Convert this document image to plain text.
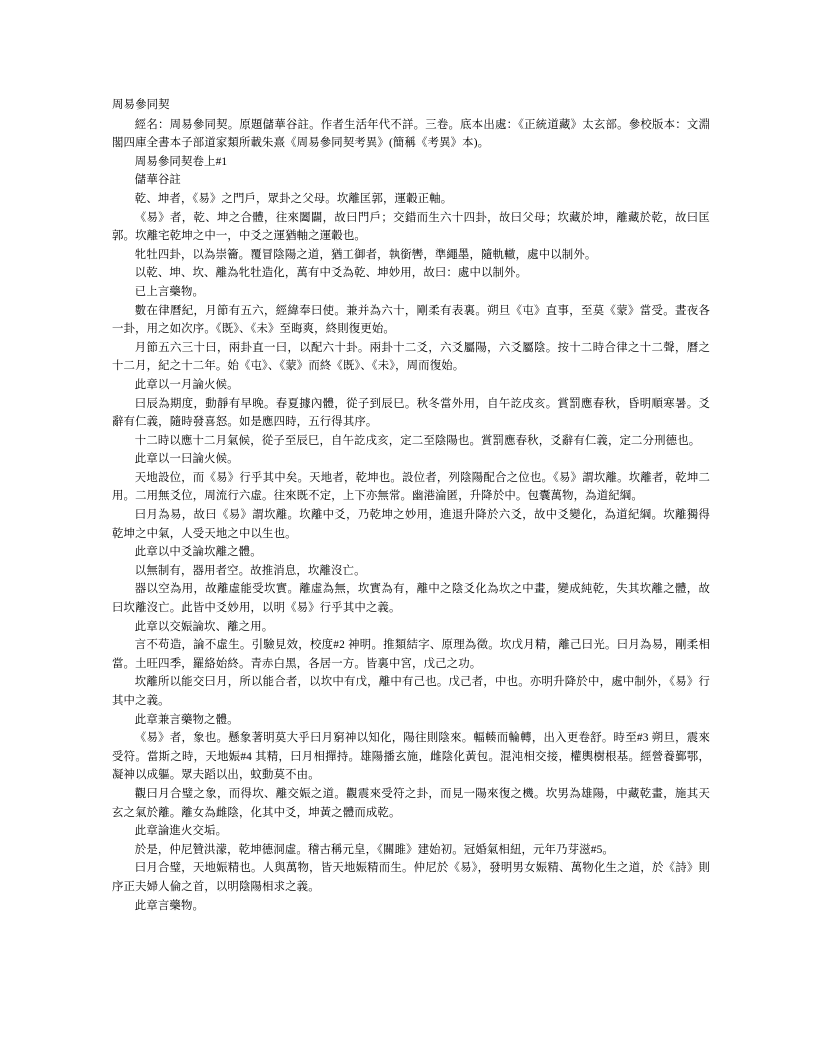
周易參同契

經名：周易參同契。原題儲華谷註。作者生活年代不詳。三卷。底本出處：《正統道藏》太玄部。參校版本：文淵閣四庫全書本子部道家類所載朱熹《周易參同契考異》(簡稱《考異》本)。

周易參同契卷上#1

儲華谷註

乾、坤者，《易》之門戶，眾卦之父母。坎離匡郭，運轂正軸。

《易》者，乾、坤之合體，往來闔闢，故曰門戶；交錯而生六十四卦，故曰父母；坎藏於坤，離藏於乾，故曰匡郭。坎離宅乾坤之中一，中爻之運猶軸之運轂也。

牝牡四卦，以為崇籥。覆冒陰陽之道，猶工御者，執銜轡，準繩墨，隨軌轍，處中以制外。

以乾、坤、坎、離為牝牡造化，萬有中爻為乾、坤妙用，故曰：處中以制外。

已上言藥物。

數在律曆紀，月節有五六，經緯奉曰使。兼并為六十，剛柔有表裏。朔旦《屯》直事，至莫《蒙》當受。晝夜各一卦，用之如次序。《既》、《未》至晦爽，終則復更始。

月節五六三十曰，兩卦直一曰，以配六十卦。兩卦十二爻，六爻屬陽，六爻屬陰。按十二時合律之十二聲，曆之十二月，紀之十二年。始《屯》、《蒙》而終《既》、《未》，周而復始。

此章以一月論火候。

曰辰為期度，動靜有早晚。春夏據內體，從子到辰巳。秋冬當外用，自午訖戌亥。賞罰應春秋，昏明順寒暑。爻辭有仁義，隨時發喜怒。如是應四時，五行得其序。

十二時以應十二月氣候，從子至辰巳，自午訖戌亥，定二至陰陽也。賞罰應春秋，爻辭有仁義，定二分刑德也。

此章以一曰論火候。

天地設位，而《易》行乎其中矣。天地者，乾坤也。設位者，列陰陽配合之位也。《易》謂坎離。坎離者，乾坤二用。二用無爻位，周流行六虛。往來既不定，上下亦無常。幽港淪匿，升降於中。包囊萬物，為道紀綱。

曰月為易，故曰《易》謂坎離。坎離中爻，乃乾坤之妙用，進退升降於六爻，故中爻變化，為道紀綱。坎離獨得乾坤之中氣，人受天地之中以生也。

此章以中爻論坎離之體。

以無制有，器用者空。故推消息，坎離沒亡。

器以空為用，故離虛能受坎實。離虛為無，坎實為有，離中之陰爻化為坎之中畫，變成純乾，失其坎離之體，故曰坎離沒亡。此皆中爻妙用，以明《易》行乎其中之義。

此章以交娠論坎、離之用。

言不苟造，論不虛生。引驗見效，校度#2 神明。推類結字、原理為徵。坎戊月精，離己曰光。曰月為易，剛柔相當。土旺四季，羅絡始終。青赤白黑，各居一方。皆裏中宮，戊己之功。

坎離所以能交曰月，所以能合者，以坎中有戊，離中有己也。戊己者，中也。亦明升降於中，處中制外，《易》行其中之義。

此章兼言藥物之體。

《易》者，象也。懸象著明莫大乎曰月窮神以知化，陽往則陰來。輻輳而輪轉，出入更卷舒。時至#3 朔旦，震來受符。當斯之時，天地娠#4 其精，曰月相撣持。雄陽播玄施，雌陰化黃包。混沌相交接，權輿樹根基。經營養鄞鄂，凝神以成軀。眾夫蹈以出，蚊動莫不由。

觀曰月合璧之象，而得坎、離交娠之道。觀震來受符之卦，而見一陽來復之機。坎男為雄陽，中藏乾畫，施其天玄之氣於離。離女為雌陰，化其中爻，坤黃之體而成乾。

此章論進火交垢。

於是，仲尼贊洪濛，乾坤德洞虛。稽古稱元皇，《關雎》建始初。冠婚氣相紐，元年乃芽滋#5。

曰月合璧，天地娠精也。人與萬物，皆天地娠精而生。仲尼於《易》，發明男女娠精、萬物化生之道，於《詩》則序正夫婦人倫之首，以明陰陽相求之義。

此章言藥物。
